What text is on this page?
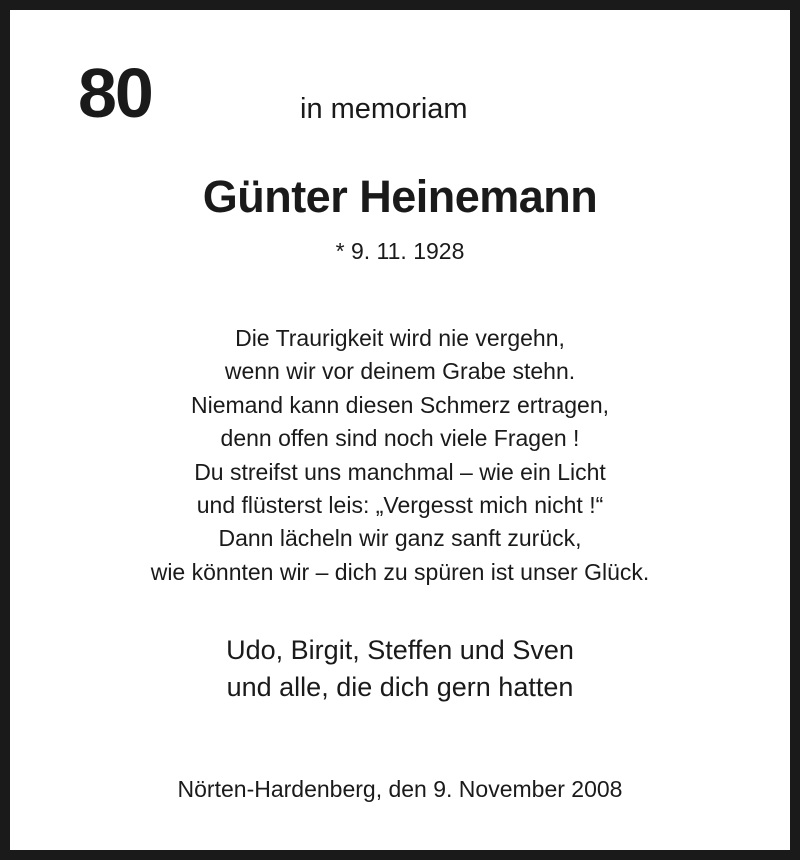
80	in memoriam
Günter Heinemann
* 9. 11. 1928
Die Traurigkeit wird nie vergehn,
wenn wir vor deinem Grabe stehn.
Niemand kann diesen Schmerz ertragen,
denn offen sind noch viele Fragen !
Du streifst uns manchmal – wie ein Licht
und flüsterst leis: „Vergesst mich nicht !“
Dann lächeln wir ganz sanft zurück,
wie könnten wir – dich zu spüren ist unser Glück.
Udo, Birgit, Steffen und Sven
und alle, die dich gern hatten
Nörten-Hardenberg, den 9. November 2008
